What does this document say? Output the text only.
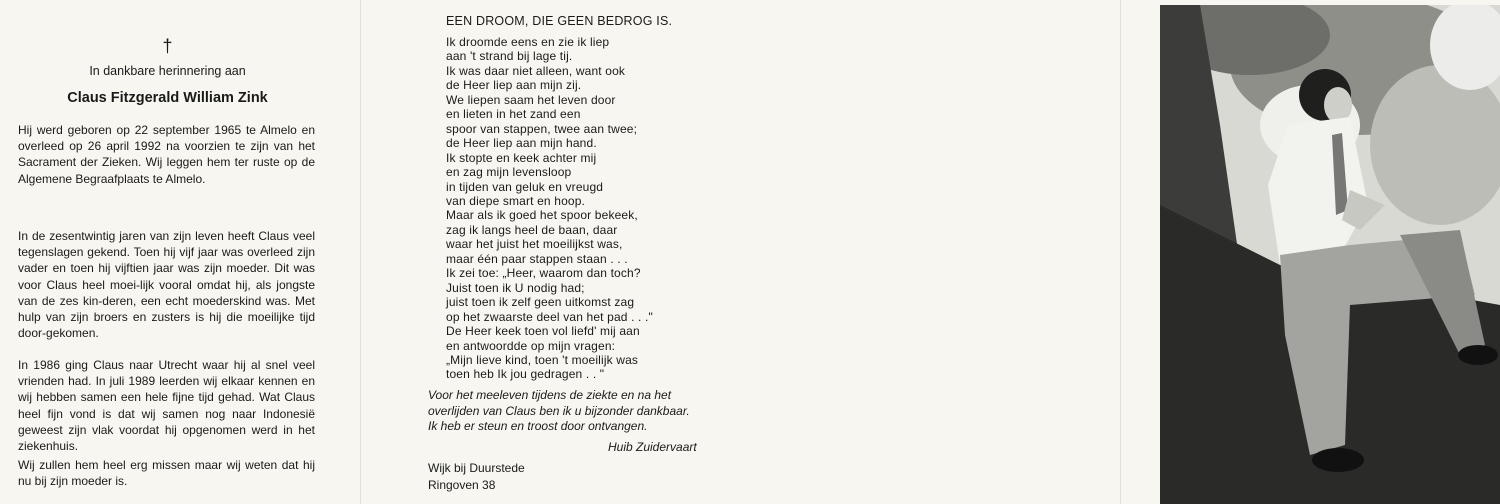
†
In dankbare herinnering aan
Claus Fitzgerald William Zink

Hij werd geboren op 22 september 1965 te Almelo en overleed op 26 april 1992 na voorzien te zijn van het Sacrament der Zieken. Wij leggen hem ter ruste op de Algemene Begraafplaats te Almelo.

In de zesentwintig jaren van zijn leven heeft Claus veel tegenslagen gekend. Toen hij vijf jaar was overleed zijn vader en toen hij vijftien jaar was zijn moeder. Dit was voor Claus heel moei-lijk vooral omdat hij, als jongste van de zes kin-deren, een echt moederskind was. Met hulp van zijn broers en zusters is hij die moeilijke tijd door-gekomen.

In 1986 ging Claus naar Utrecht waar hij al snel veel vrienden had. In juli 1989 leerden wij elkaar kennen en wij hebben samen een hele fijne tijd gehad. Wat Claus heel fijn vond is dat wij samen nog naar Indonesië geweest zijn vlak voordat hij opgenomen werd in het ziekenhuis.

Wij zullen hem heel erg missen maar wij weten dat hij nu bij zijn moeder is.

EEN DROOM, DIE GEEN BEDROG IS.
Ik droomde eens en zie ik liep
aan 't strand bij lage tij.
Ik was daar niet alleen, want ook
de Heer liep aan mijn zij.
We liepen saam het leven door
en lieten in het zand een
spoor van stappen, twee aan twee;
de Heer liep aan mijn hand.
Ik stopte en keek achter mij
en zag mijn levensloop
in tijden van geluk en vreugd
van diepe smart en hoop.
Maar als ik goed het spoor bekeek,
zag ik langs heel de baan, daar
waar het juist het moeilijkst was,
maar één paar stappen staan . . .
Ik zei toe: „Heer, waarom dan toch?
Juist toen ik U nodig had;
juist toen ik zelf geen uitkomst zag
op het zwaarste deel van het pad . . ."
De Heer keek toen vol liefd' mij aan
en antwoordde op mijn vragen:
„Mijn lieve kind, toen 't moeilijk was
toen heb Ik jou gedragen . . "
Voor het meeleven tijdens de ziekte en na het
overlijden van Claus ben ik u bijzonder dankbaar.
Ik heb er steun en troost door ontvangen.
Huib Zuidervaart
Wijk bij Duurstede
Ringoven 38
